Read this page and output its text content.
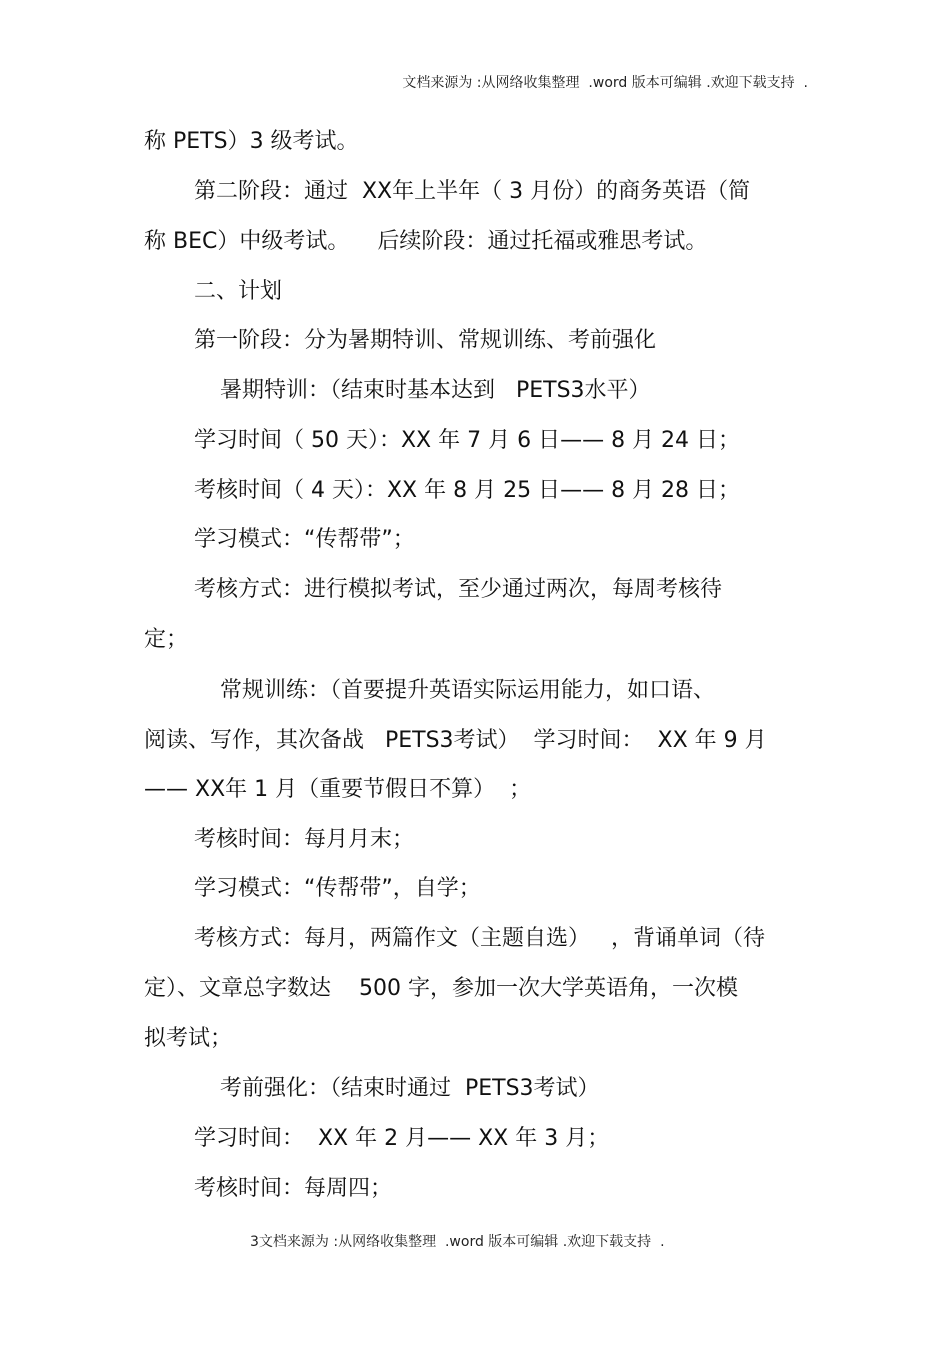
文档来源为 :从网络收集整理  .word 版本可编辑 .欢迎下载支持  .
称 PETS）3 级考试。
第二阶段：通过  XX年上半年（ 3 月份）的商务英语（简
称 BEC）中级考试。    后续阶段：通过托福或雅思考试。
二、计划
第一阶段：分为暑期特训、常规训练、考前强化
暑期特训：（结束时基本达到   PETS3水平）
学习时间（ 50 天）：XX 年 7 月 6 日—— 8 月 24 日；
考核时间（ 4 天）：XX 年 8 月 25 日—— 8 月 28 日；
学习模式：“传帮带”；
考核方式：进行模拟考试，至少通过两次，每周考核待
定；
常规训练：（首要提升英语实际运用能力，如口语、
阅读、写作，其次备战   PETS3考试）  学习时间：  XX 年 9 月
—— XX年 1 月（重要节假日不算）  ；
考核时间：每月月末；
学习模式：“传帮带”，自学；
考核方式：每月，两篇作文（主题自选）   ，背诵单词（待
定）、文章总字数达    500 字，参加一次大学英语角，一次模
拟考试；
考前强化：（结束时通过  PETS3考试）
学习时间：  XX 年 2 月—— XX 年 3 月；
考核时间：每周四；
3文档来源为 :从网络收集整理  .word 版本可编辑 .欢迎下载支持  .
